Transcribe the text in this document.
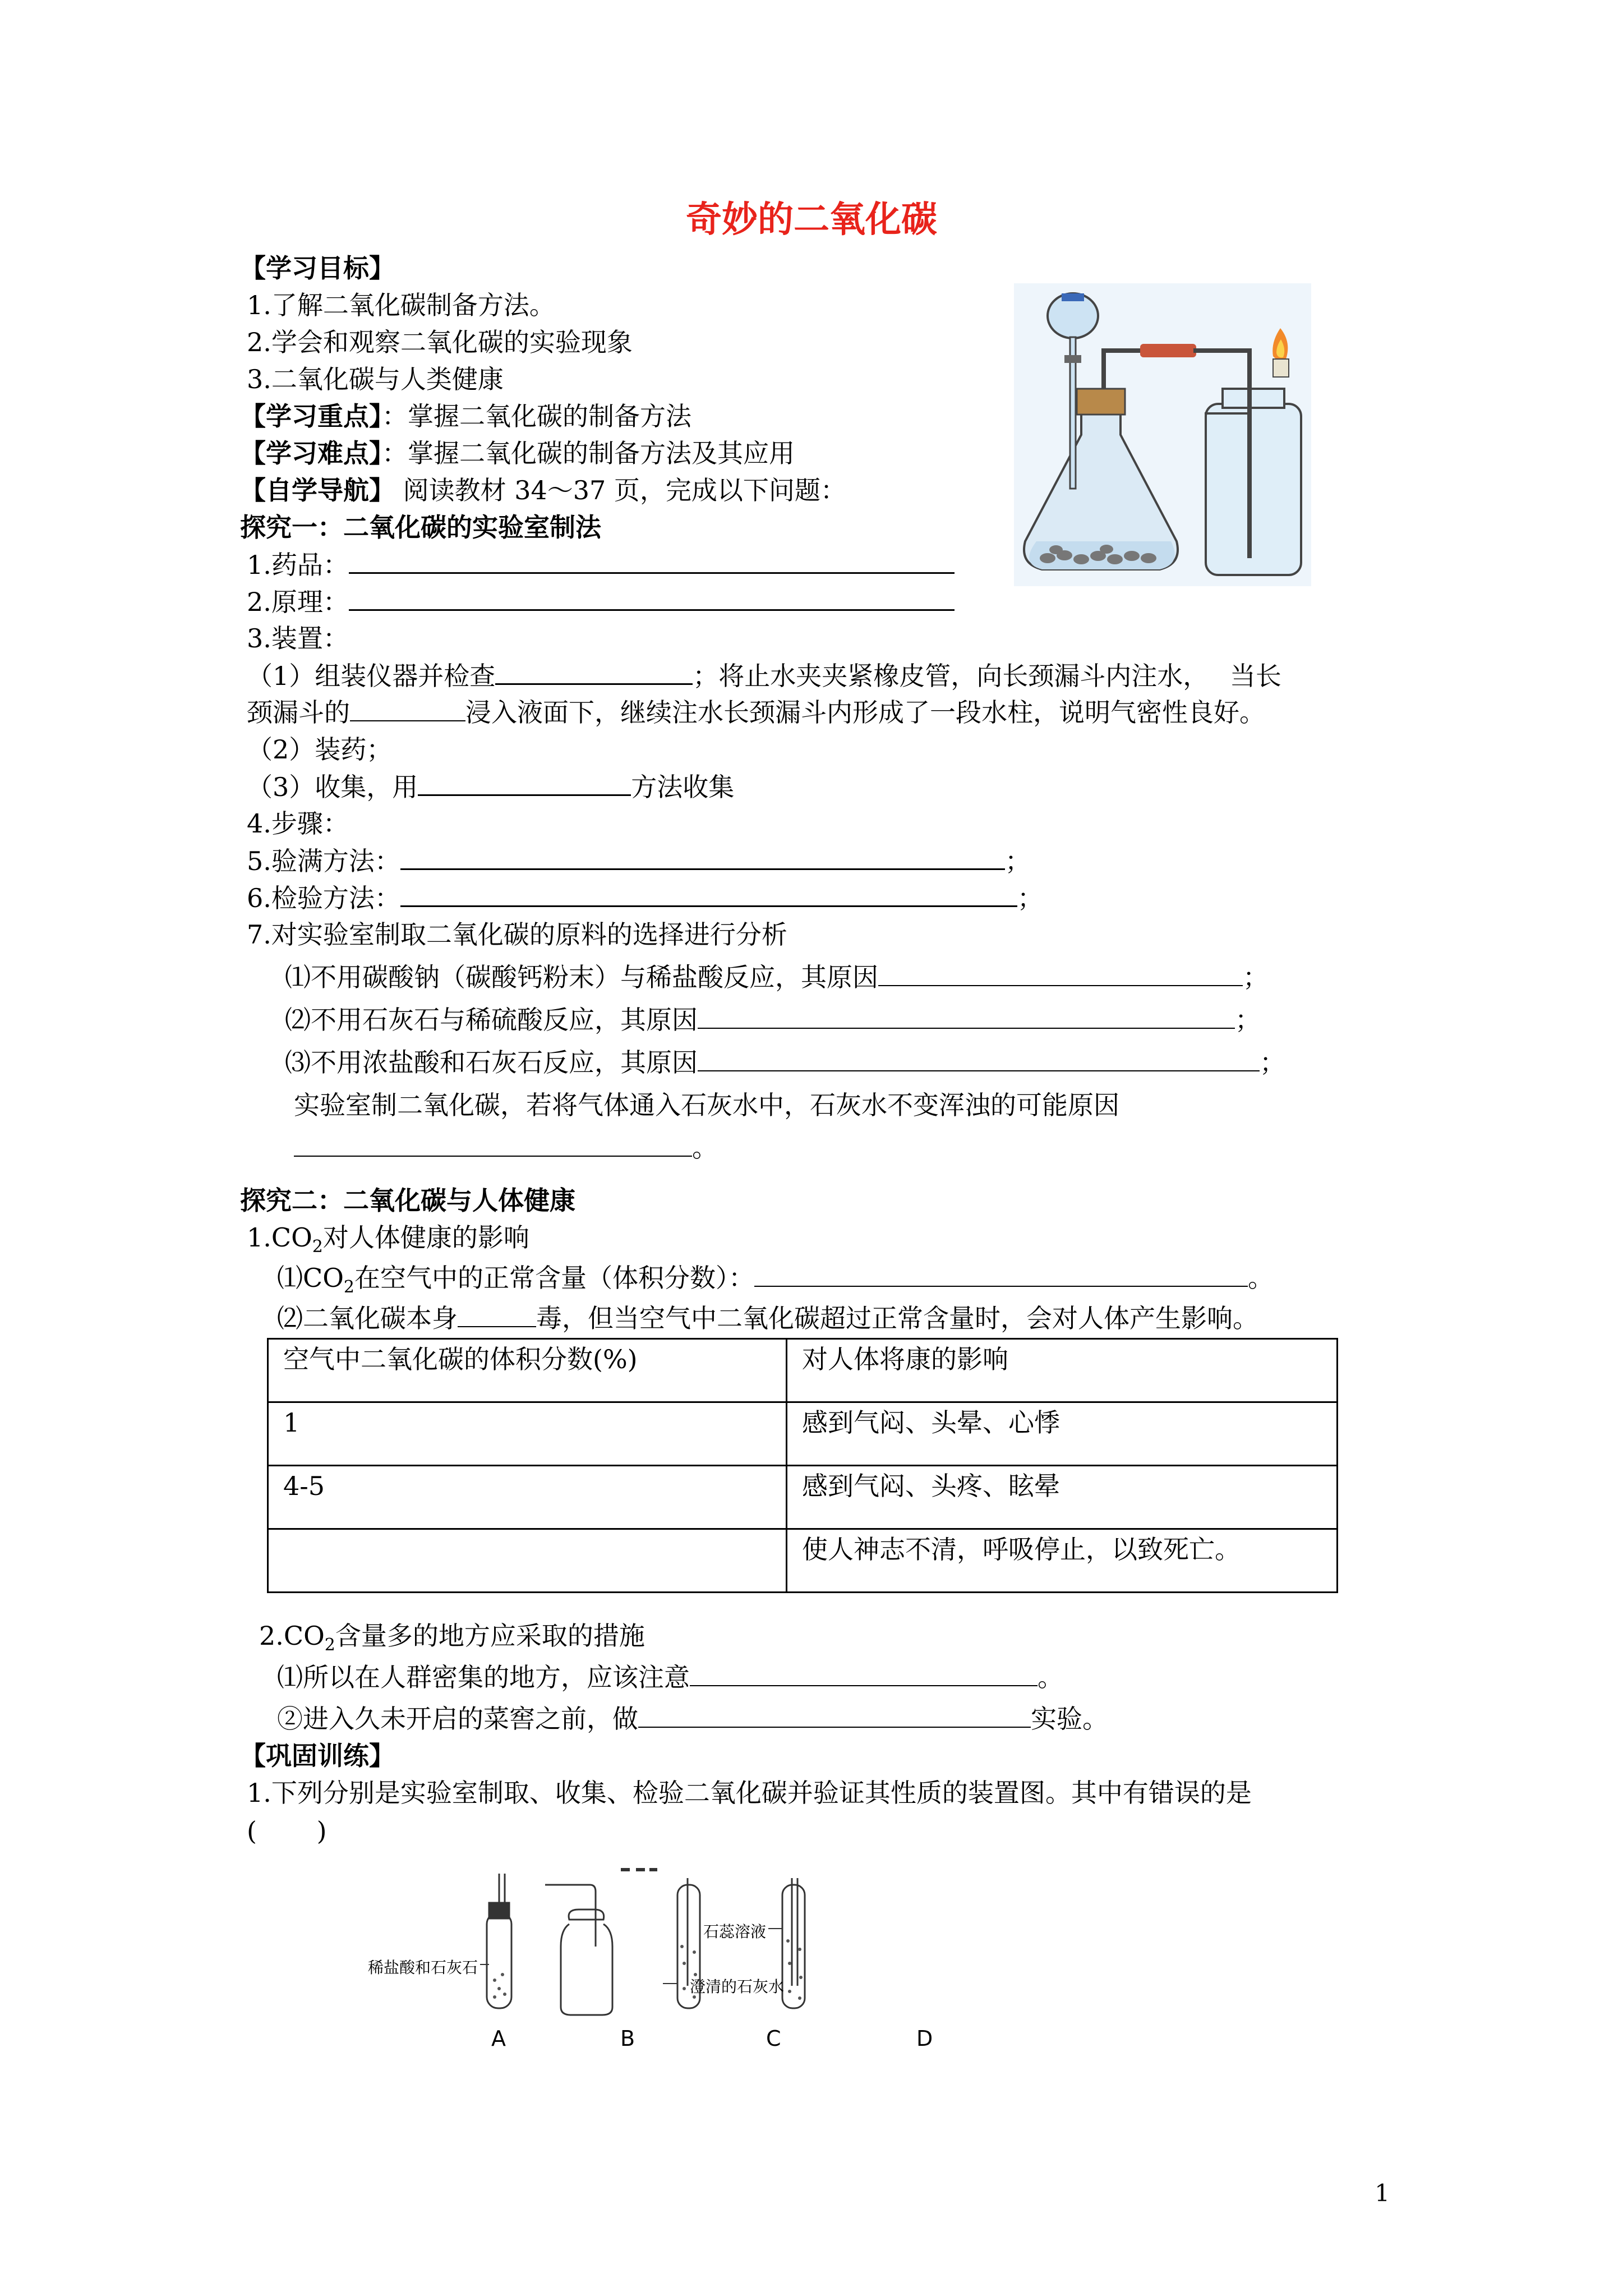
奇妙的二氧化碳
【学习目标】
1.了解二氧化碳制备方法。
2.学会和观察二氧化碳的实验现象
3.二氧化碳与人类健康
【学习重点】：掌握二氧化碳的制备方法
【学习难点】：掌握二氧化碳的制备方法及其应用
【自学导航】 阅读教材 34～37 页，完成以下问题：
探究一：二氧化碳的实验室制法
1.药品：
2.原理：
3.装置：
（1）组装仪器并检查	；将止水夹夹紧橡皮管，向长颈漏斗内注水，　 当长
颈漏斗的	浸入液面下，继续注水长颈漏斗内形成了一段水柱，说明气密性良好。
（2）装药；
（3）收集，用	方法收集
4.步骤：
5.验满方法：	；
6.检验方法：	；
7.对实验室制取二氧化碳的原料的选择进行分析
⑴不用碳酸钠（碳酸钙粉末）与稀盐酸反应，其原因	；
⑵不用石灰石与稀硫酸反应，其原因	；
⑶不用浓盐酸和石灰石反应，其原因	；
实验室制二氧化碳，若将气体通入石灰水中，石灰水不变浑浊的可能原因
。
探究二：二氧化碳与人体健康
$1.CO_2$对人体健康的影响
$⑴CO_2$在空气中的正常含量（体积分数）：	。
⑵二氧化碳本身	毒，但当空气中二氧化碳超过正常含量时，会对人体产生影响。
空气中二氧化碳的体积分数(%)	对人体将康的影响
1	感到气闷、头晕、心悸
4-5	感到气闷、头疼、眩晕
	使人神志不清，呼吸停止，以致死亡。
$2.CO_2$含量多的地方应采取的措施
⑴所以在人群密集的地方，应该注意	。
②进入久未开启的菜窖之前，做	实验。
【巩固训练】
1.下列分别是实验室制取、收集、检验二氧化碳并验证其性质的装置图。其中有错误的是
(　　 )
稀盐酸和石灰石
澄清的石灰水
石蕊溶液
A	B	C	D
1
